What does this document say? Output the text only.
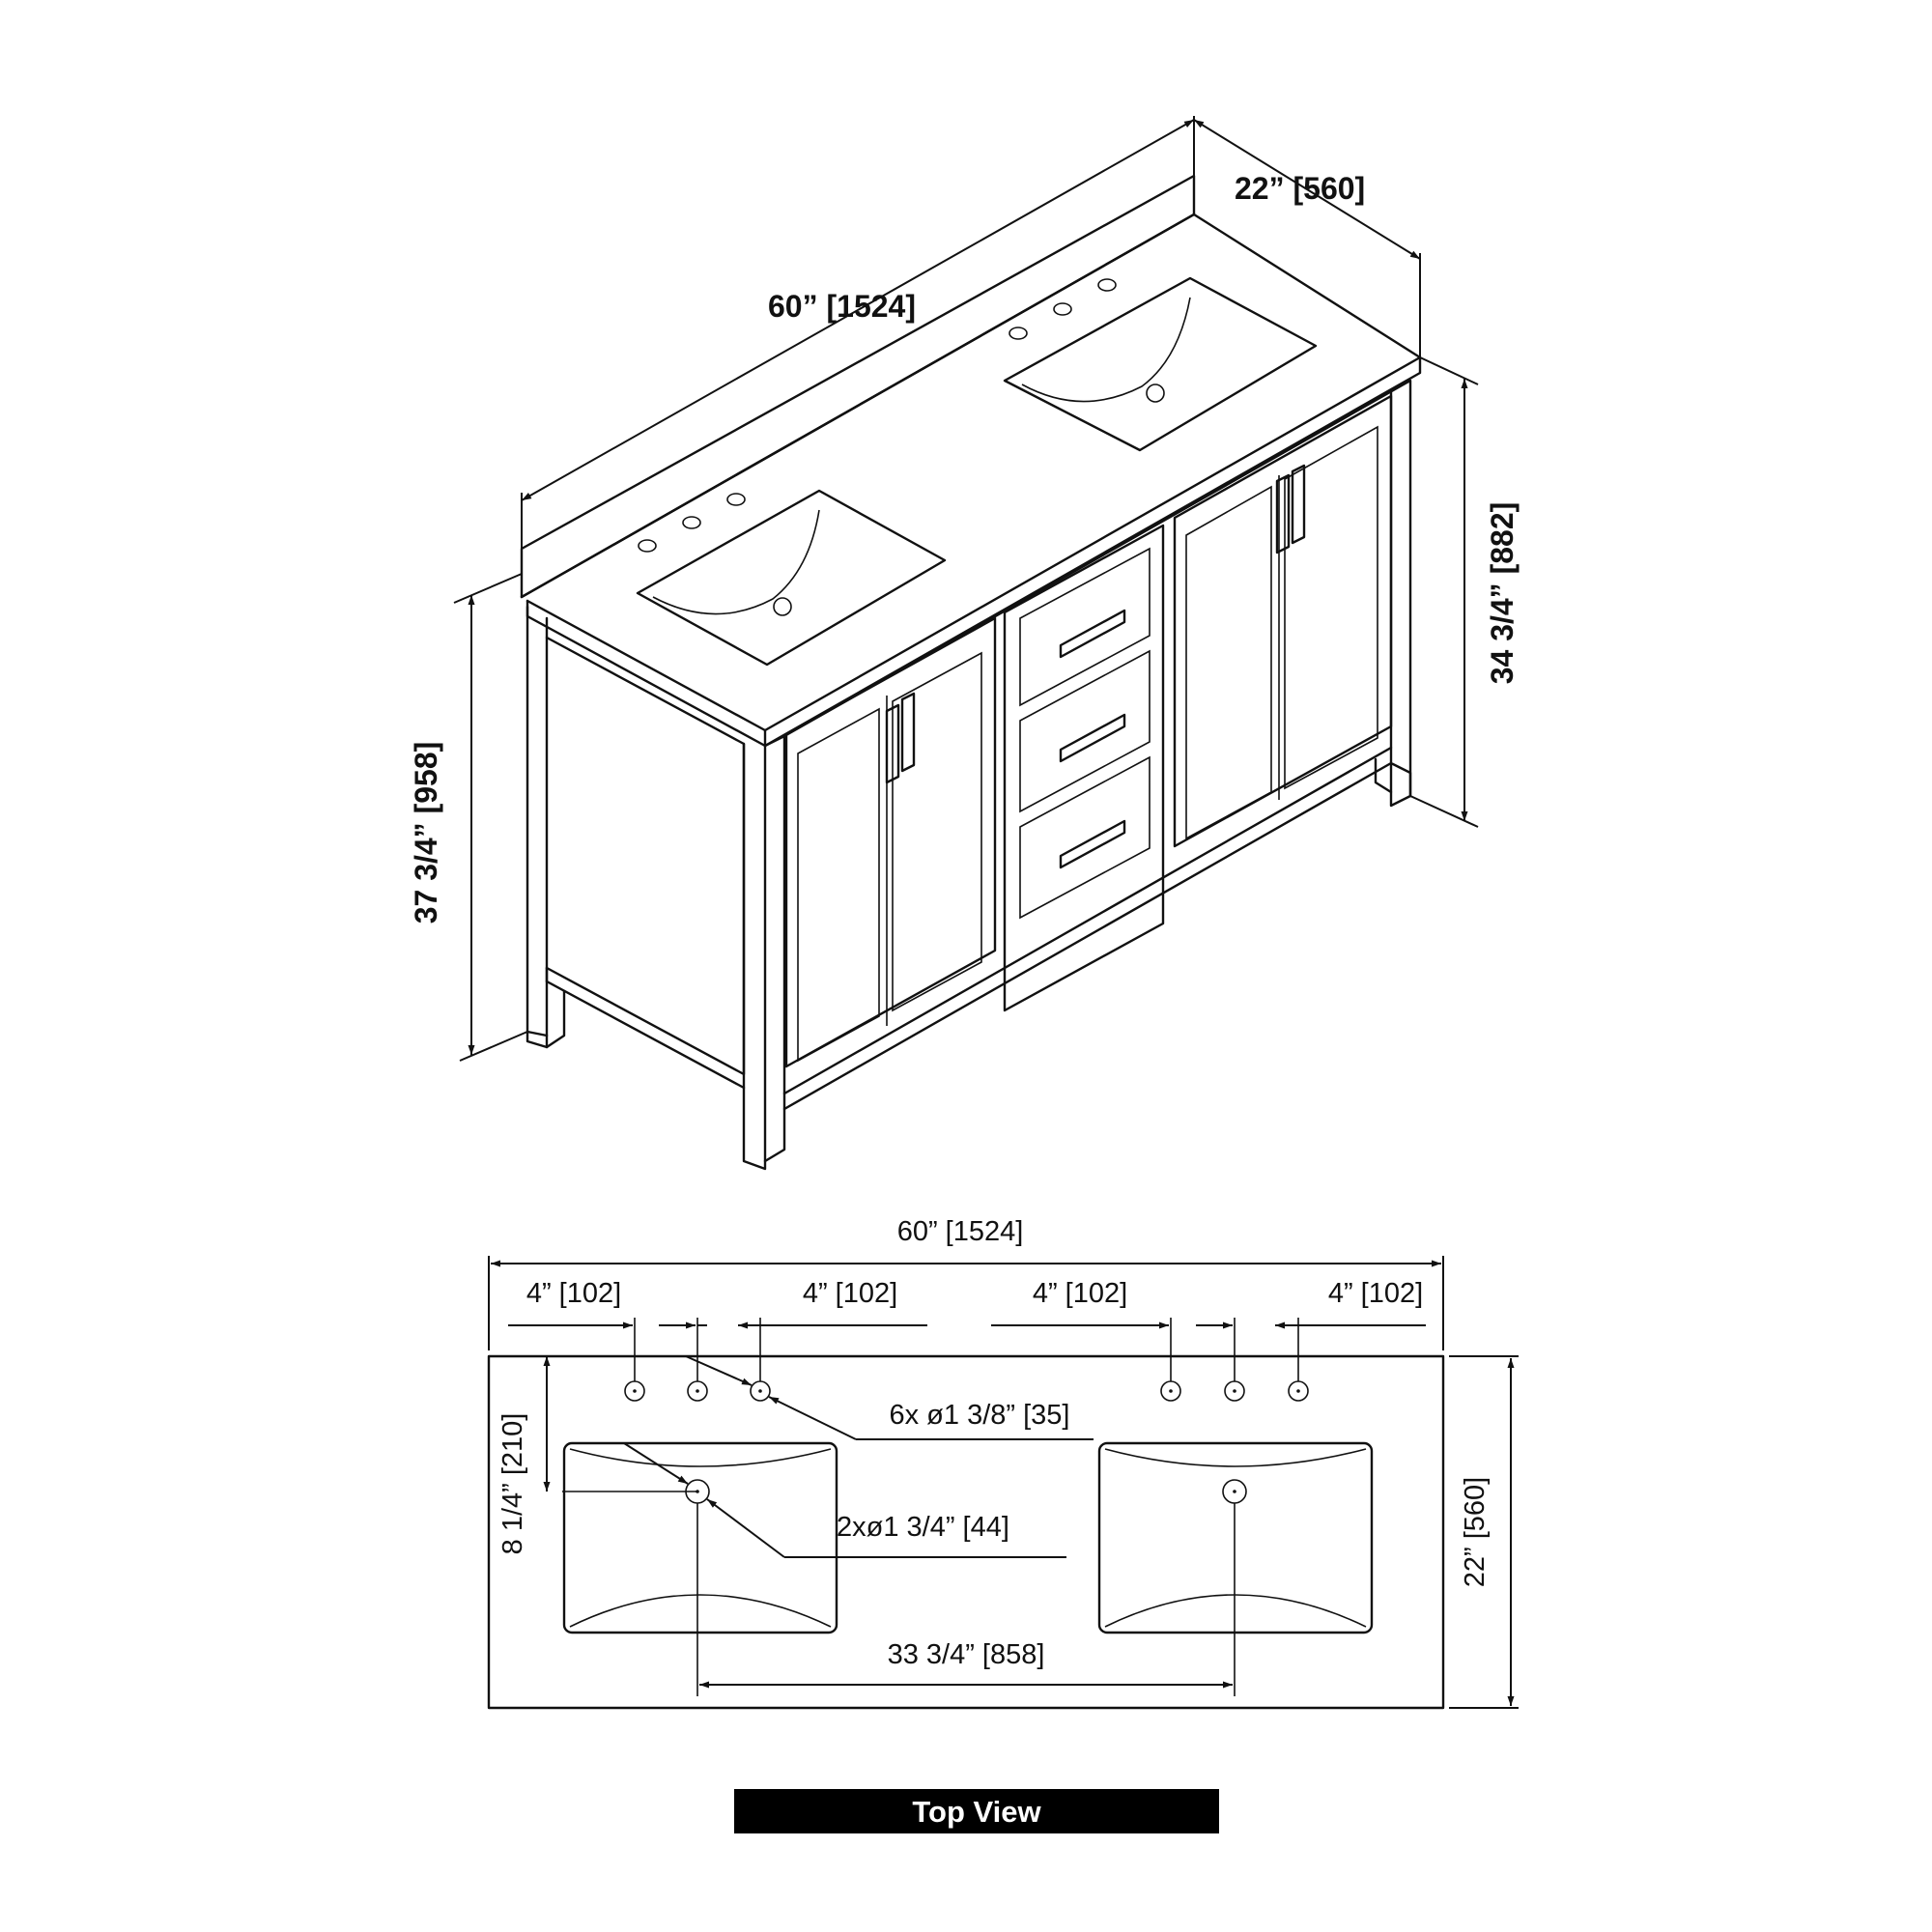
60” [1524]
22” [560]
37 3/4” [958]
34 3/4” [882]
60” [1524]
4” [102]	4” [102]	4” [102]	4” [102]
6x ø1 3/8” [35]
2xø1 3/4” [44]
8 1/4” [210]	22” [560]
33 3/4” [858]
Top View
